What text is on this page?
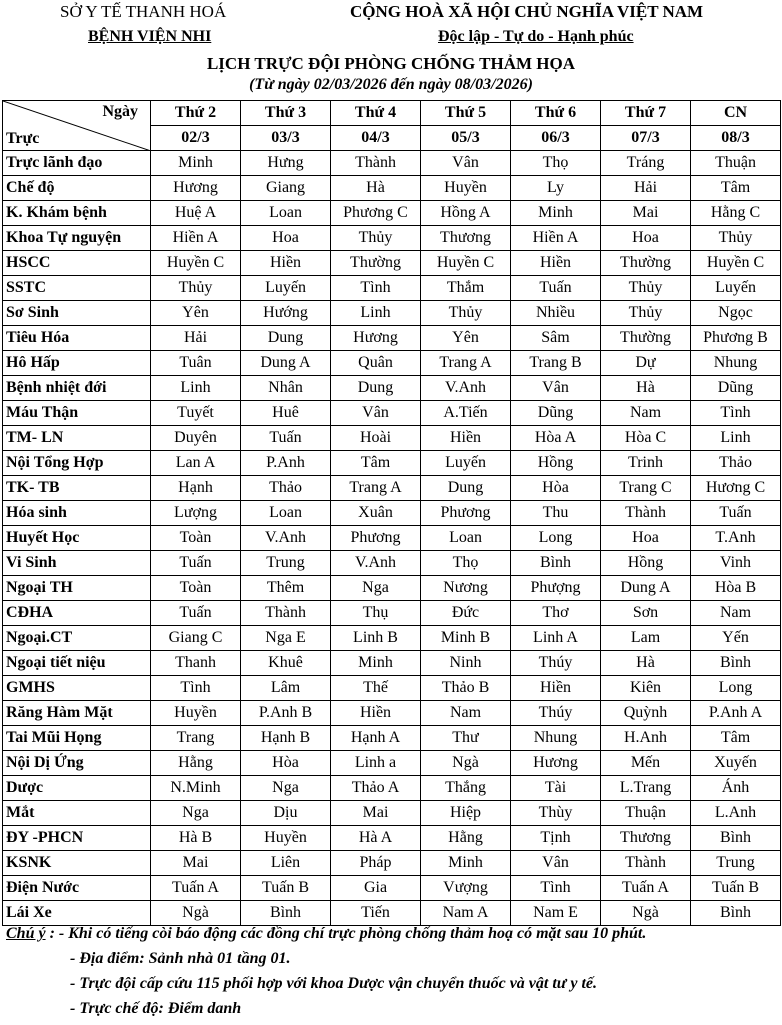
SỞ Y TẾ THANH HOÁ
BỆNH VIỆN NHI
CỘNG HOÀ XÃ HỘI CHỦ NGHĨA VIỆT NAM
Độc lập - Tự do - Hạnh phúc
LỊCH TRỰC ĐỘI PHÒNG CHỐNG THẢM HỌA
(Từ ngày 02/03/2026 đến ngày 08/03/2026)
Ngày
Trực	Thứ 2	Thứ 3	Thứ 4	Thứ 5	Thứ 6	Thứ 7	CN
	02/3	03/3	04/3	05/3	06/3	07/3	08/3
Trực lãnh đạo	Minh	Hưng	Thành	Vân	Thọ	Tráng	Thuận
Chế độ	Hương	Giang	Hà	Huyền	Ly	Hải	Tâm
K. Khám bệnh	Huệ A	Loan	Phương C	Hồng A	Minh	Mai	Hằng C
Khoa Tự nguyện	Hiền A	Hoa	Thủy	Thương	Hiền A	Hoa	Thủy
HSCC	Huyền C	Hiền	Thường	Huyền C	Hiền	Thường	Huyền C
SSTC	Thủy	Luyến	Tình	Thắm	Tuấn	Thủy	Luyến
Sơ Sinh	Yên	Hướng	Linh	Thủy	Nhiều	Thủy	Ngọc
Tiêu Hóa	Hải	Dung	Hương	Yên	Sâm	Thường	Phương B
Hô Hấp	Tuân	Dung A	Quân	Trang A	Trang B	Dự	Nhung
Bệnh nhiệt đới	Linh	Nhân	Dung	V.Anh	Vân	Hà	Dũng
Máu Thận	Tuyết	Huê	Vân	A.Tiến	Dũng	Nam	Tình
TM- LN	Duyên	Tuấn	Hoài	Hiền	Hòa A	Hòa C	Linh
Nội Tổng Hợp	Lan A	P.Anh	Tâm	Luyến	Hồng	Trinh	Thảo
TK- TB	Hạnh	Thảo	Trang A	Dung	Hòa	Trang C	Hương C
Hóa sinh	Lượng	Loan	Xuân	Phương	Thu	Thành	Tuấn
Huyết Học	Toàn	V.Anh	Phương	Loan	Long	Hoa	T.Anh
Vi Sinh	Tuấn	Trung	V.Anh	Thọ	Bình	Hồng	Vinh
Ngoại TH	Toàn	Thêm	Nga	Nương	Phượng	Dung A	Hòa B
CĐHA	Tuấn	Thành	Thụ	Đức	Thơ	Sơn	Nam
Ngoại.CT	Giang C	Nga E	Linh B	Minh B	Linh A	Lam	Yến
Ngoại tiết niệu	Thanh	Khuê	Minh	Ninh	Thúy	Hà	Bình
GMHS	Tình	Lâm	Thế	Thảo B	Hiền	Kiên	Long
Răng Hàm Mặt	Huyền	P.Anh B	Hiền	Nam	Thúy	Quỳnh	P.Anh A
Tai Mũi Họng	Trang	Hạnh B	Hạnh A	Thư	Nhung	H.Anh	Tâm
Nội Dị Ứng	Hằng	Hòa	Linh a	Ngà	Hương	Mến	Xuyến
Dược	N.Minh	Nga	Thảo A	Thắng	Tài	L.Trang	Ánh
Mắt	Nga	Dịu	Mai	Hiệp	Thùy	Thuận	L.Anh
ĐY -PHCN	Hà B	Huyền	Hà A	Hằng	Tịnh	Thương	Bình
KSNK	Mai	Liên	Pháp	Minh	Vân	Thành	Trung
Điện Nước	Tuấn A	Tuấn B	Gia	Vượng	Tình	Tuấn A	Tuấn B
Lái Xe	Ngà	Bình	Tiến	Nam A	Nam E	Ngà	Bình
Chú ý : - Khi có tiếng còi báo động các đồng chí trực phòng chống thảm hoạ có mặt sau 10 phút.
- Địa điểm: Sảnh nhà 01 tầng 01.
- Trực đội cấp cứu 115 phối hợp với khoa Dược vận chuyển thuốc và vật tư y tế.
- Trực chế độ: Điểm danh
